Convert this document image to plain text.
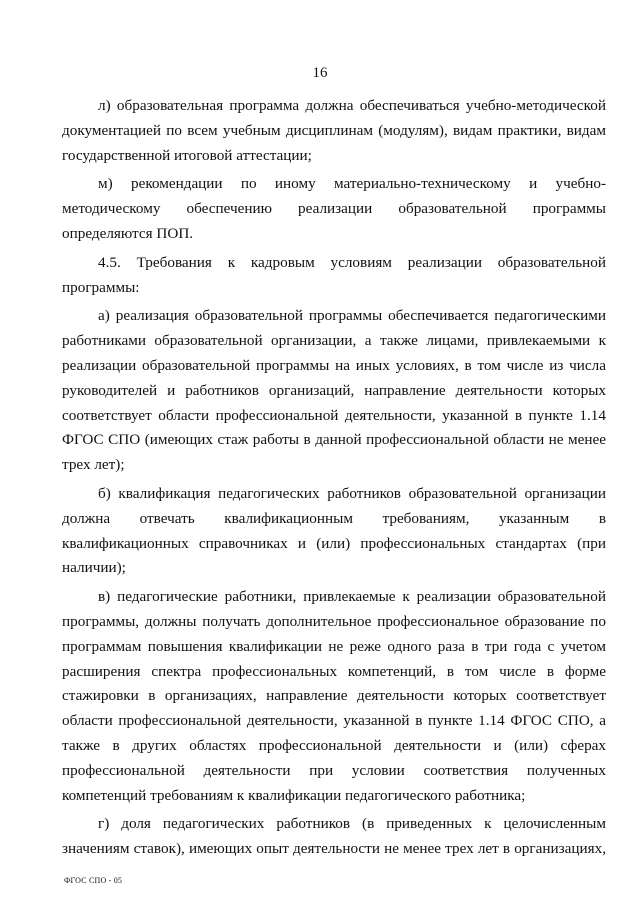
16

л) образовательная программа должна обеспечиваться учебно-методической документацией по всем учебным дисциплинам (модулям), видам практики, видам государственной итоговой аттестации;

м) рекомендации по иному материально-техническому и учебно-методическому обеспечению реализации образовательной программы определяются ПОП.

4.5. Требования к кадровым условиям реализации образовательной программы:

а) реализация образовательной программы обеспечивается педагогическими работниками образовательной организации, а также лицами, привлекаемыми к реализации образовательной программы на иных условиях, в том числе из числа руководителей и работников организаций, направление деятельности которых соответствует области профессиональной деятельности, указанной в пункте 1.14 ФГОС СПО (имеющих стаж работы в данной профессиональной области не менее трех лет);

б) квалификация педагогических работников образовательной организации должна отвечать квалификационным требованиям, указанным в квалификационных справочниках и (или) профессиональных стандартах (при наличии);

в) педагогические работники, привлекаемые к реализации образовательной программы, должны получать дополнительное профессиональное образование по программам повышения квалификации не реже одного раза в три года с учетом расширения спектра профессиональных компетенций, в том числе в форме стажировки в организациях, направление деятельности которых соответствует области профессиональной деятельности, указанной в пункте 1.14 ФГОС СПО, а также в других областях профессиональной деятельности и (или) сферах профессиональной деятельности при условии соответствия полученных компетенций требованиям к квалификации педагогического работника;

г) доля педагогических работников (в приведенных к целочисленным значениям ставок), имеющих опыт деятельности не менее трех лет в организациях,

ФГОС СПО - 05
